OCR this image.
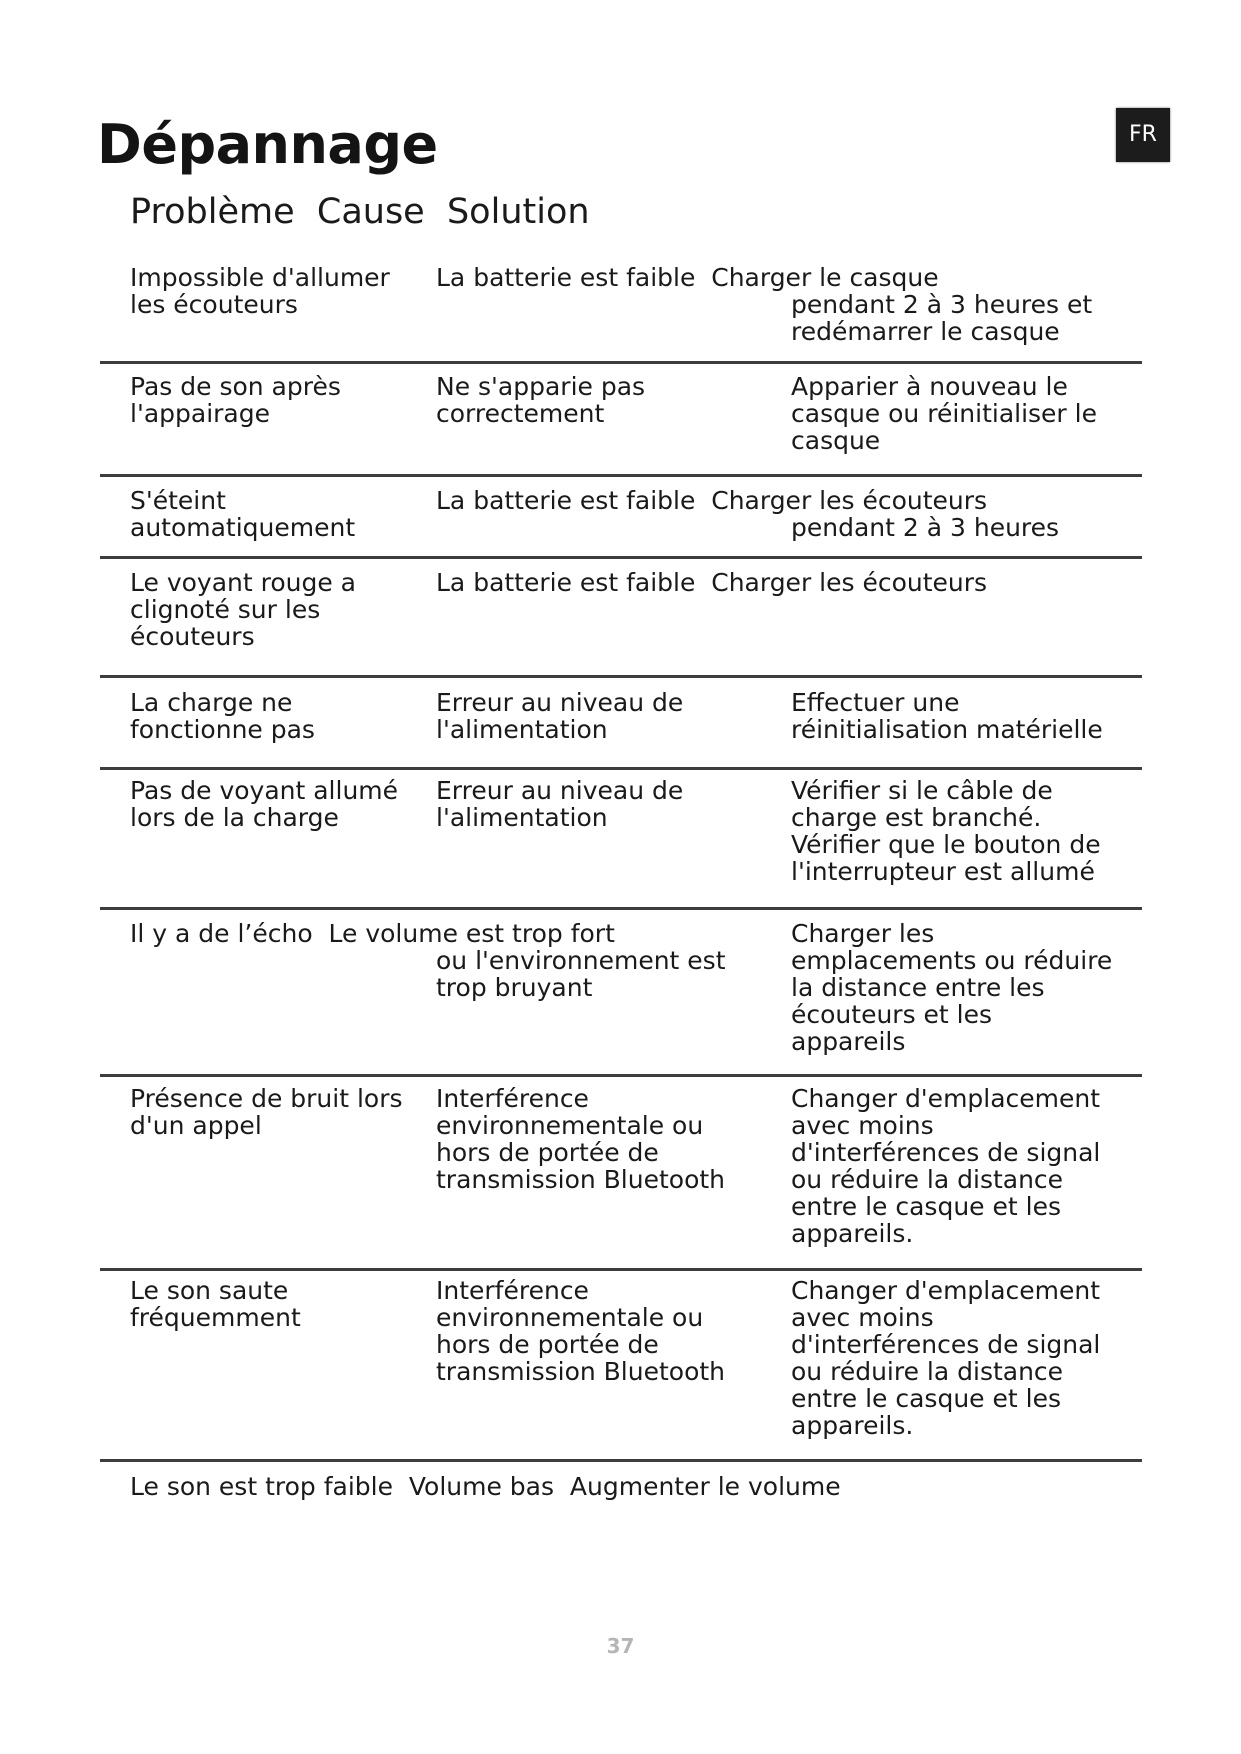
Dépannage	FR
Problème  Cause  Solution
Impossible d'allumer
les écouteurs
La batterie est faible  Charger le casque
pendant 2 à 3 heures et
redémarrer le casque
Pas de son après
l'appairage
Ne s'apparie pas
correctement
Apparier à nouveau le
casque ou réinitialiser le
casque
S'éteint
automatiquement
La batterie est faible  Charger les écouteurs
pendant 2 à 3 heures
Le voyant rouge a
clignoté sur les
écouteurs
La batterie est faible  Charger les écouteurs
La charge ne
fonctionne pas
Erreur au niveau de
l'alimentation
Effectuer une
réinitialisation matérielle
Pas de voyant allumé
lors de la charge
Erreur au niveau de
l'alimentation
Vérifier si le câble de
charge est branché.
Vérifier que le bouton de
l'interrupteur est allumé
Il y a de l’écho  Le volume est trop fort
ou l'environnement est
trop bruyant
Charger les
emplacements ou réduire
la distance entre les
écouteurs et les
appareils
Présence de bruit lors
d'un appel
Interférence
environnementale ou
hors de portée de
transmission Bluetooth
Changer d'emplacement
avec moins
d'interférences de signal
ou réduire la distance
entre le casque et les
appareils.
Le son saute
fréquemment
Interférence
environnementale ou
hors de portée de
transmission Bluetooth
Changer d'emplacement
avec moins
d'interférences de signal
ou réduire la distance
entre le casque et les
appareils.
Le son est trop faible  Volume bas  Augmenter le volume
37
